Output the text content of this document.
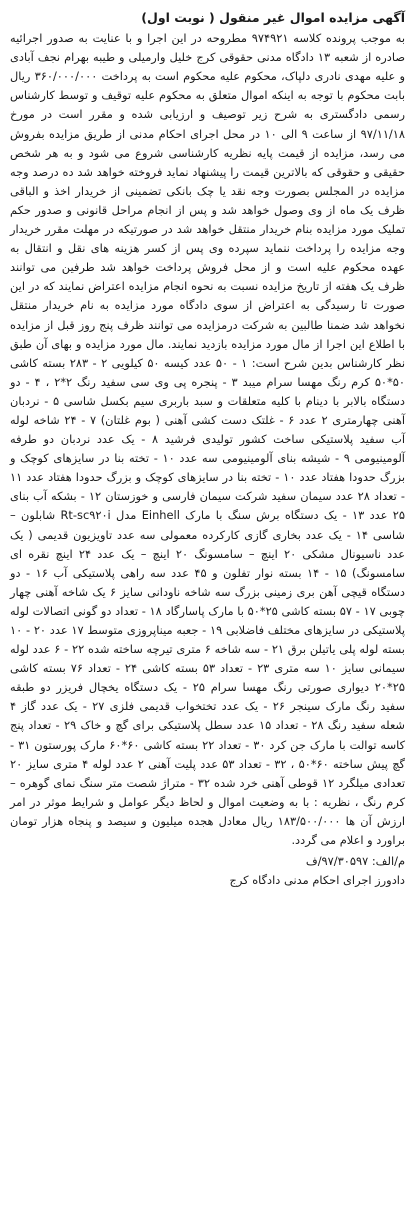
آگهی مزایده اموال غیر منقول ( نوبت اول)
به موجب پرونده کلاسه ۹۷۴۹۲۱ مطروحه در این اجرا و با عنایت به صدور اجرائیه صادره از شعبه ۱۳ دادگاه مدنی حقوقی کرج خلیل وارمیلی و طیبه بهرام نجف آبادی و علیه مهدی نادری دلپاک، محکوم علیه محکوم است به پرداخت ۳۶۰/۰۰۰/۰۰۰ ریال بابت محکوم با توجه به اینکه اموال متعلق به محکوم علیه توقیف و توسط کارشناس رسمی دادگستری به شرح زیر توصیف و ارزیابی شده و مقرر است در مورخ ۹۷/۱۱/۱۸ از ساعت ۹ الی ۱۰ در محل اجرای احکام مدنی از طریق مزایده بفروش می رسد، مزایده از قیمت پایه نظریه کارشناسی شروع می شود و به هر شخص حقیقی و حقوقی که بالاترین قیمت را پیشنهاد نماید فروخته خواهد شد ده درصد وجه مزایده در المجلس بصورت وجه نقد یا چک بانکی تضمینی از خریدار اخذ و الباقی ظرف یک ماه از وی وصول خواهد شد و پس از انجام مراحل قانونی و صدور حکم تملیک مورد مزایده بنام خریدار منتقل خواهد شد در صورتیکه در مهلت مقرر خریدار وجه مزایده را پرداخت ننماید سپرده وی پس از کسر هزینه های نقل و انتقال به عهده محکوم علیه است و از محل فروش پرداخت خواهد شد طرفین می توانند ظرف یک هفته از تاریخ مزایده نسبت به نحوه انجام مزایده اعتراض نمایند که در این صورت تا رسیدگی به اعتراض از سوی دادگاه مورد مزایده به نام خریدار منتقل نخواهد شد ضمنا طالبین به شرکت درمزایده می توانند ظرف پنج روز قبل از مزایده با اطلاع این اجرا از مال مورد مزایده بازدید نمایند. مال مورد مزایده و بهای آن طبق نظر کارشناس بدین شرح است: ۱ - ۵۰ عدد کیسه ۵۰ کیلویی ۲ - ۲۸۳ بسته کاشی ۵۰*۵۰ کرم رنگ مهسا سرام میبد ۳ - پنجره پی وی سی سفید رنگ ۲*۲ ، ۴ - دو دستگاه بالابر با دینام با کلیه متعلقات و سبد باربری سیم بکسل شاسی ۵ - نردبان آهنی چهارمتری ۲ عدد ۶ - غلتک دست کشی آهنی ( بوم غلتان) ۷ - ۲۴ شاخه لوله آب سفید پلاستیکی ساخت کشور تولیدی فرشید ۸ - یک عدد نردبان دو طرفه آلومینیومی ۹ - شیشه بنای آلومینیومی سه عدد ۱۰ - تخته بنا در سایزهای کوچک و بزرگ حدودا هفتاد عدد ۱۰ - تخته بنا در سایزهای کوچک و بزرگ حدودا هفتاد عدد ۱۱ - تعداد ۲۸ عدد سیمان سفید شرکت سیمان فارسی و خوزستان ۱۲ - بشکه آب بنای ۲۵ عدد ۱۳ - یک دستگاه برش سنگ با مارک Einhell مدل Rt-sc۹۲۰i شابلون – شاسی ۱۴ - یک عدد بخاری گازی کارکرده معمولی سه عدد تاویزیون قدیمی ( یک عدد ناسیونال مشکی ۲۰ اینچ – سامسونگ ۲۰ اینچ – یک عدد ۲۴ اینچ نقره ای سامسونگ) ۱۵ - ۱۴ بسته نوار تفلون و ۴۵ عدد سه راهی پلاستیکی آب ۱۶ - دو دستگاه قیچی آهن بری زمینی بزرگ سه شاخه ناودانی سایز ۶ یک شاخه آهنی چهار چوبی ۱۷ - ۵۷ بسته کاشی ۲۵*۵۰ با مارک پاسارگاد ۱۸ - تعداد دو گونی اتصالات لوله پلاستیکی در سایزهای مختلف فاضلابی ۱۹ - جعبه میناپروزی متوسط ۱۷ عدد ۲۰ - ۱۰ بسته لوله پلی یاتیلن برق ۲۱ - سه شاخه ۶ متری تیرچه ساخته شده ۲۲ - ۶ عدد لوله سیمانی سایز ۱۰ سه متری ۲۳ - تعداد ۵۳ بسته کاشی ۲۴ - تعداد ۷۶ بسته کاشی ۲۵*۲۰ دیواری صورتی رنگ مهسا سرام ۲۵ - یک دستگاه یخچال فریزر دو طبقه سفید رنگ مارک سینجر ۲۶ - یک عدد تختخواب قدیمی فلزی ۲۷ - یک عدد گاز ۴ شعله سفید رنگ ۲۸ - تعداد ۱۵ عدد سطل پلاستیکی برای گچ و خاک ۲۹ - تعداد پنج کاسه توالت با مارک جن کرد ۳۰ - تعداد ۲۲ بسته کاشی ۶۰*۶۰ مارک پورستون ۳۱ - گچ پیش ساخته ۶۰*۵۰ ، ۳۲ - تعداد ۵۳ عدد پلیت آهنی ۲ عدد لوله ۴ متری سایز ۲۰ تعدادی میلگرد ۱۲ قوطی آهنی خرد شده ۳۲ - متراژ شصت متر سنگ نمای گوهره – کرم رنگ ، نظریه : با به وضعیت اموال و لحاظ دیگر عوامل و شرایط موثر در امر ارزش آن ها ۱۸۳/۵۰۰/۰۰۰ ریال معادل هجده میلیون و سیصد و پنجاه هزار تومان براورد و اعلام می گردد.
م/الف: ۹۷/۳۰۵۹۷/ف
دادورز اجرای احکام مدنی دادگاه کرج
